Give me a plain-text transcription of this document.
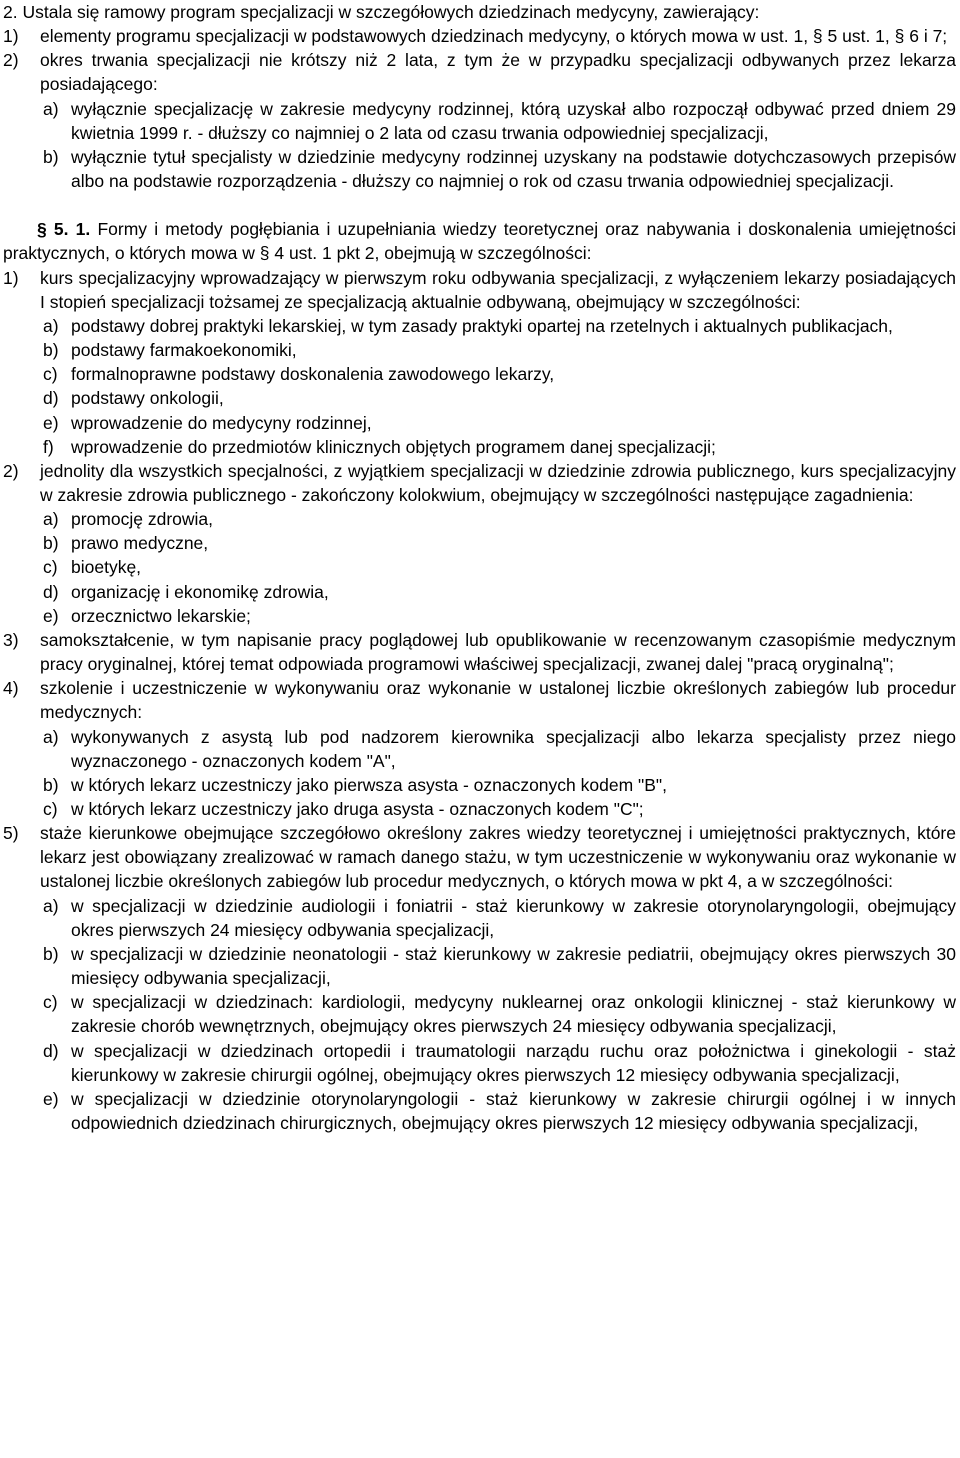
2. Ustala się ramowy program specjalizacji w szczegółowych dziedzinach medycyny, zawierający:

1) elementy programu specjalizacji w podstawowych dziedzinach medycyny, o których mowa w ust. 1, § 5 ust. 1, § 6 i 7;

2) okres trwania specjalizacji nie krótszy niż 2 lata, z tym że w przypadku specjalizacji odbywanych przez lekarza posiadającego:

a) wyłącznie specjalizację w zakresie medycyny rodzinnej, którą uzyskał albo rozpoczął odbywać przed dniem 29 kwietnia 1999 r. - dłuższy co najmniej o 2 lata od czasu trwania odpowiedniej specjalizacji,

b) wyłącznie tytuł specjalisty w dziedzinie medycyny rodzinnej uzyskany na podstawie dotychczasowych przepisów albo na podstawie rozporządzenia - dłuższy co najmniej o rok od czasu trwania odpowiedniej specjalizacji.

§ 5. 1. Formy i metody pogłębiania i uzupełniania wiedzy teoretycznej oraz nabywania i doskonalenia umiejętności praktycznych, o których mowa w § 4 ust. 1 pkt 2, obejmują w szczególności:

1) kurs specjalizacyjny wprowadzający w pierwszym roku odbywania specjalizacji, z wyłączeniem lekarzy posiadających I stopień specjalizacji tożsamej ze specjalizacją aktualnie odbywaną, obejmujący w szczególności:

a) podstawy dobrej praktyki lekarskiej, w tym zasady praktyki opartej na rzetelnych i aktualnych publikacjach,

b) podstawy farmakoekonomiki,

c) formalnoprawne podstawy doskonalenia zawodowego lekarzy,

d) podstawy onkologii,

e) wprowadzenie do medycyny rodzinnej,

f) wprowadzenie do przedmiotów klinicznych objętych programem danej specjalizacji;

2) jednolity dla wszystkich specjalności, z wyjątkiem specjalizacji w dziedzinie zdrowia publicznego, kurs specjalizacyjny w zakresie zdrowia publicznego - zakończony kolokwium, obejmujący w szczególności następujące zagadnienia:

a) promocję zdrowia,

b) prawo medyczne,

c) bioetykę,

d) organizację i ekonomikę zdrowia,

e) orzecznictwo lekarskie;

3) samokształcenie, w tym napisanie pracy poglądowej lub opublikowanie w recenzowanym czasopiśmie medycznym pracy oryginalnej, której temat odpowiada programowi właściwej specjalizacji, zwanej dalej "pracą oryginalną";

4) szkolenie i uczestniczenie w wykonywaniu oraz wykonanie w ustalonej liczbie określonych zabiegów lub procedur medycznych:

a) wykonywanych z asystą lub pod nadzorem kierownika specjalizacji albo lekarza specjalisty przez niego wyznaczonego - oznaczonych kodem "A",

b) w których lekarz uczestniczy jako pierwsza asysta - oznaczonych kodem "B",

c) w których lekarz uczestniczy jako druga asysta - oznaczonych kodem "C";

5) staże kierunkowe obejmujące szczegółowo określony zakres wiedzy teoretycznej i umiejętności praktycznych, które lekarz jest obowiązany zrealizować w ramach danego stażu, w tym uczestniczenie w wykonywaniu oraz wykonanie w ustalonej liczbie określonych zabiegów lub procedur medycznych, o których mowa w pkt 4, a w szczególności:

a) w specjalizacji w dziedzinie audiologii i foniatrii - staż kierunkowy w zakresie otorynolaryngologii, obejmujący okres pierwszych 24 miesięcy odbywania specjalizacji,

b) w specjalizacji w dziedzinie neonatologii - staż kierunkowy w zakresie pediatrii, obejmujący okres pierwszych 30 miesięcy odbywania specjalizacji,

c) w specjalizacji w dziedzinach: kardiologii, medycyny nuklearnej oraz onkologii klinicznej - staż kierunkowy w zakresie chorób wewnętrznych, obejmujący okres pierwszych 24 miesięcy odbywania specjalizacji,

d) w specjalizacji w dziedzinach ortopedii i traumatologii narządu ruchu oraz położnictwa i ginekologii - staż kierunkowy w zakresie chirurgii ogólnej, obejmujący okres pierwszych 12 miesięcy odbywania specjalizacji,

e) w specjalizacji w dziedzinie otorynolaryngologii - staż kierunkowy w zakresie chirurgii ogólnej i w innych odpowiednich dziedzinach chirurgicznych, obejmujący okres pierwszych 12 miesięcy odbywania specjalizacji,
